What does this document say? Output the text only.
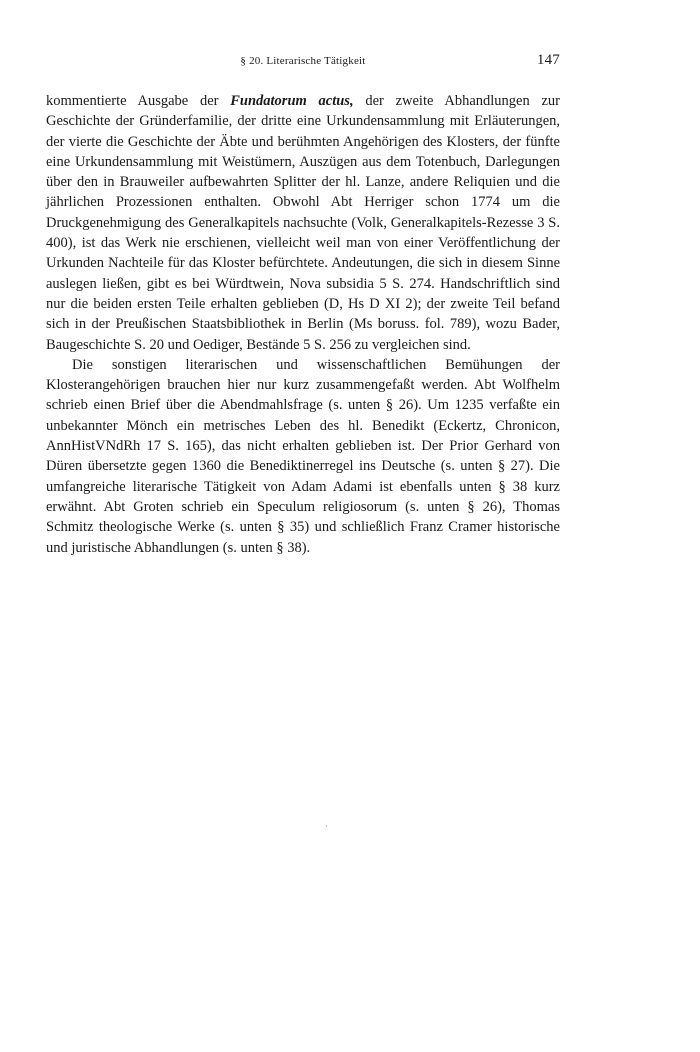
§ 20. Literarische Tätigkeit	147

kommentierte Ausgabe der Fundatorum actus, der zweite Abhandlungen zur Geschichte der Gründerfamilie, der dritte eine Urkundensammlung mit Erläuterungen, der vierte die Geschichte der Äbte und berühmten Angehörigen des Klosters, der fünfte eine Urkundensammlung mit Weistümern, Auszügen aus dem Totenbuch, Darlegungen über den in Brauweiler aufbewahrten Splitter der hl. Lanze, andere Reliquien und die jährlichen Prozessionen enthalten. Obwohl Abt Herriger schon 1774 um die Druckgenehmigung des Generalkapitels nachsuchte (Volk, Generalkapitels-Rezesse 3 S. 400), ist das Werk nie erschienen, vielleicht weil man von einer Veröffentlichung der Urkunden Nachteile für das Kloster befürchtete. Andeutungen, die sich in diesem Sinne auslegen ließen, gibt es bei Würdtwein, Nova subsidia 5 S. 274. Handschriftlich sind nur die beiden ersten Teile erhalten geblieben (D, Hs D XI 2); der zweite Teil befand sich in der Preußischen Staatsbibliothek in Berlin (Ms boruss. fol. 789), wozu Bader, Baugeschichte S. 20 und Oediger, Bestände 5 S. 256 zu vergleichen sind.

Die sonstigen literarischen und wissenschaftlichen Bemühungen der Klosterangehörigen brauchen hier nur kurz zusammengefaßt werden. Abt Wolfhelm schrieb einen Brief über die Abendmahlsfrage (s. unten § 26). Um 1235 verfaßte ein unbekannter Mönch ein metrisches Leben des hl. Benedikt (Eckertz, Chronicon, AnnHistVNdRh 17 S. 165), das nicht erhalten geblieben ist. Der Prior Gerhard von Düren übersetzte gegen 1360 die Benediktinerregel ins Deutsche (s. unten § 27). Die umfangreiche literarische Tätigkeit von Adam Adami ist ebenfalls unten § 38 kurz erwähnt. Abt Groten schrieb ein Speculum religiosorum (s. unten § 26), Thomas Schmitz theologische Werke (s. unten § 35) und schließlich Franz Cramer historische und juristische Abhandlungen (s. unten § 38).
